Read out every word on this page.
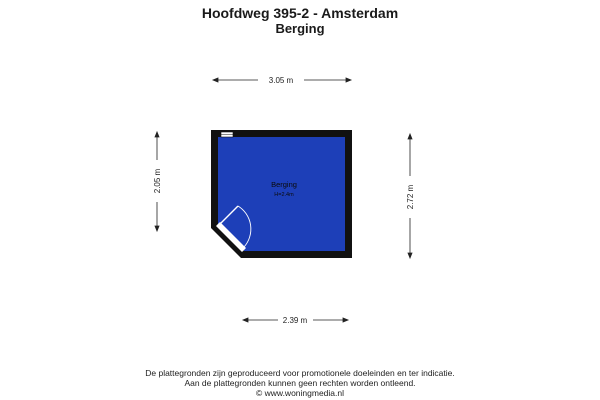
Hoofdweg 395-2 - Amsterdam
Berging
Berging
H=2.4m
3.05 m
2.05 m
2.72 m
2.39 m
De plattegronden zijn geproduceerd voor promotionele doeleinden en ter indicatie.
Aan de plattegronden kunnen geen rechten worden ontleend.
© www.woningmedia.nl
